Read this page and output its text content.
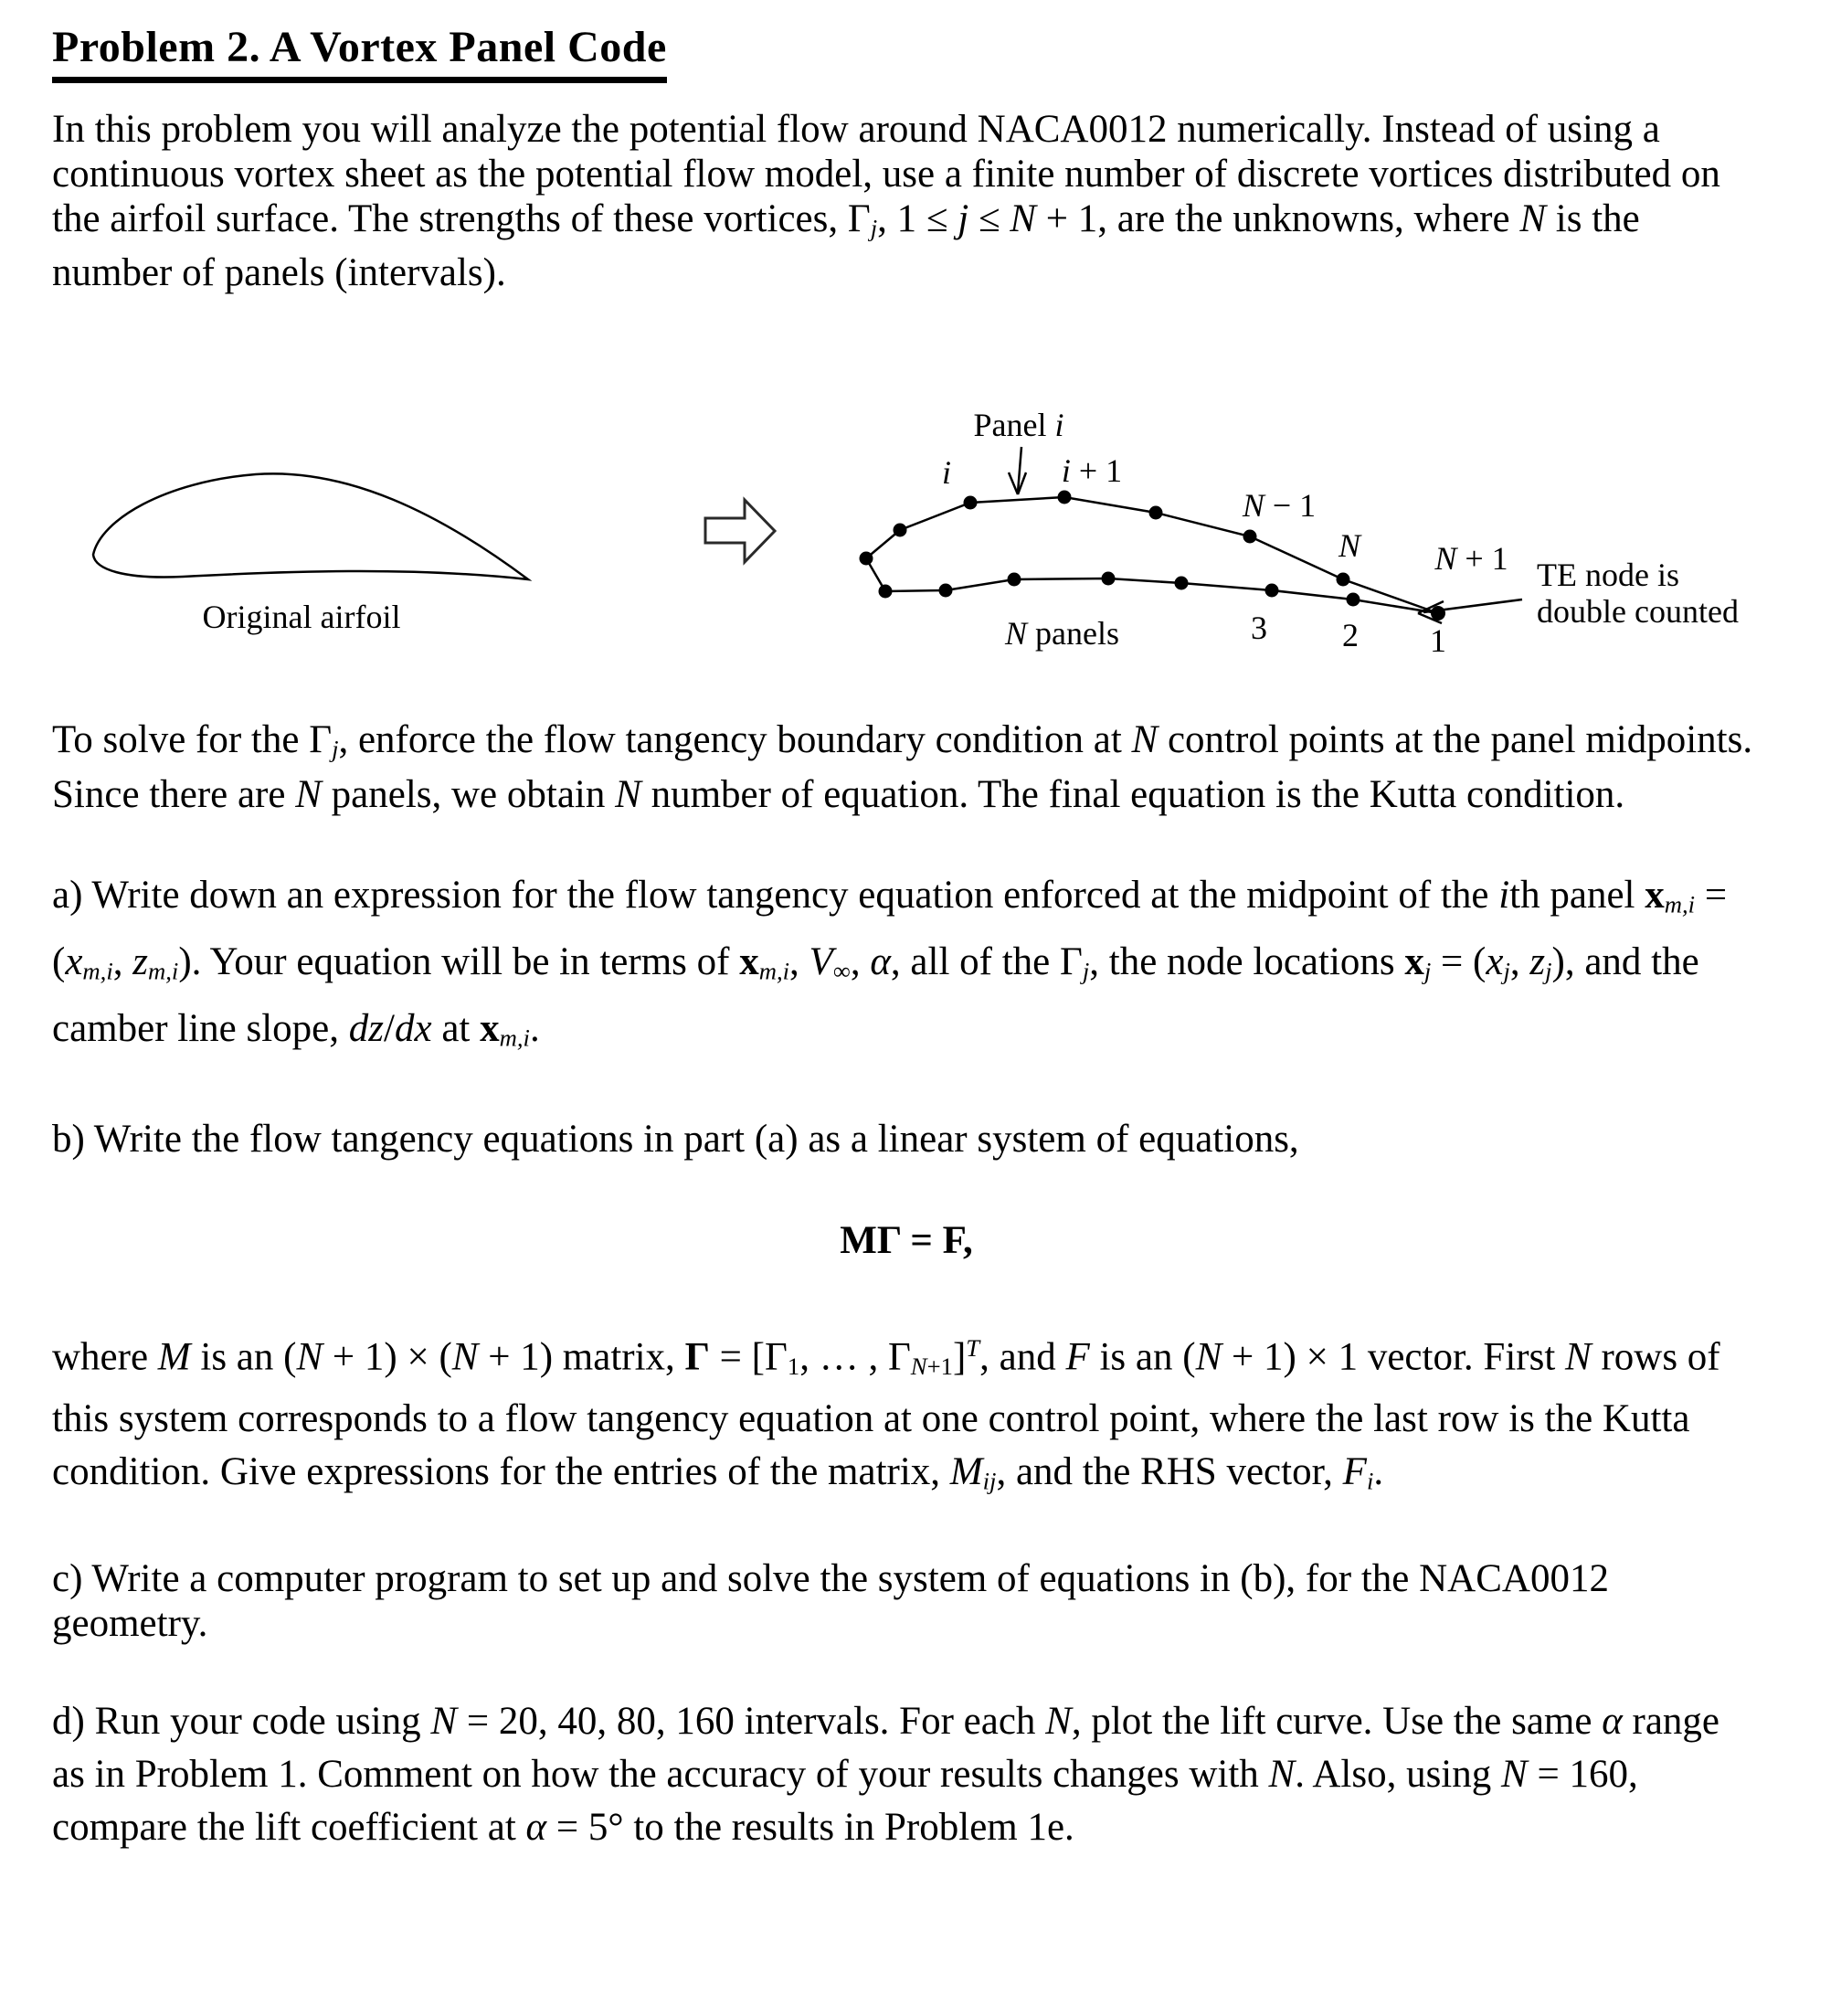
Problem 2. A Vortex Panel Code

In this problem you will analyze the potential flow around NACA0012 numerically. Instead of using a continuous vortex sheet as the potential flow model, use a finite number of discrete vortices distributed on the airfoil surface. The strengths of these vortices, Γj, 1 ≤ j ≤ N + 1, are the unknowns, where N is the number of panels (intervals).

Original airfoil
Panel i
i	i + 1
N − 1
N	N + 1 TE node is
double counted
N panels	3 2 1

To solve for the Γj, enforce the flow tangency boundary condition at N control points at the panel midpoints. Since there are N panels, we obtain N number of equation. The final equation is the Kutta condition.

a) Write down an expression for the flow tangency equation enforced at the midpoint of the ith panel xm,i = (xm,i, zm,i). Your equation will be in terms of xm,i, V∞, α, all of the Γj, the node locations xj = (xj, zj), and the camber line slope, dz/dx at xm,i.

b) Write the flow tangency equations in part (a) as a linear system of equations,

MΓ = F,

where M is an (N + 1) × (N + 1) matrix, Γ = [Γ1, … , ΓN+1]$^T$, and F is an (N + 1) × 1 vector. First N rows of this system corresponds to a flow tangency equation at one control point, where the last row is the Kutta condition. Give expressions for the entries of the matrix, Mij, and the RHS vector, Fi.

c) Write a computer program to set up and solve the system of equations in (b), for the NACA0012 geometry.

d) Run your code using N = 20, 40, 80, 160 intervals. For each N, plot the lift curve. Use the same α range as in Problem 1. Comment on how the accuracy of your results changes with N. Also, using N = 160, compare the lift coefficient at α = 5° to the results in Problem 1e.
